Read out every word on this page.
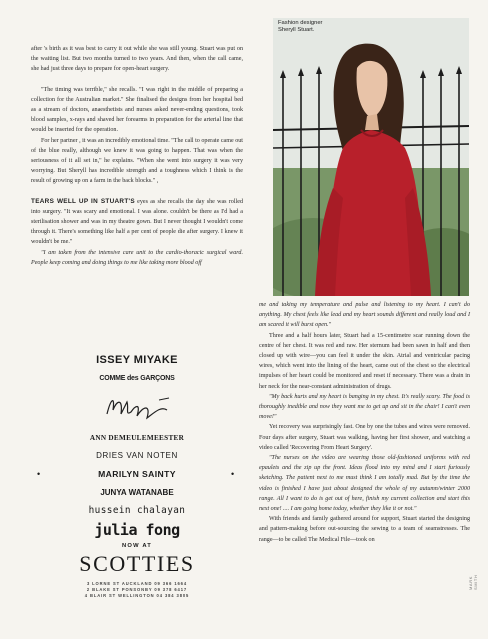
after 's birth as it was best to carry it out while she was still young. Stuart was put on the waiting list. But two months turned to two years. And then, when the call came, she had just three days to prepare for open-heart surgery.

"The timing was terrible," she recalls. "I was right in the middle of preparing a collection for the Australian market." She finalised the designs from her hospital bed as a stream of doctors, anaesthetists and nurses asked never-ending questions, took blood samples, x-rays and shaved her forearms in preparation for the arterial line that would be inserted for the operation.

For her partner , it was an incredibly emotional time. "The call to operate came out of the blue really, although we knew it was going to happen. That was when the seriousness of it all set in," he explains. "When she went into surgery it was very worrying. But Sheryll has incredible strength and a toughness which I think is the result of growing up on a farm in the back blocks." ,

TEARS WELL UP IN STUART'S eyes as she recalls the day she was rolled into surgery. "It was scary and emotional. I was alone. couldn't be there as I'd had a sterilisation shower and was in my theatre gown. But I never thought I wouldn't come through it. There's something like half a per cent of people die after surgery. I knew it wouldn't be me."

"I am taken from the intensive care unit to the cardio-thoracic surgical ward. People keep coming and doing things to me like taking more blood off

Fashion designer
Sheryll Stuart.

me and taking my temperature and pulse and listening to my heart. I can't do anything. My chest feels like lead and my heart sounds different and really loud and I am scared it will burst open."

Three and a half hours later, Stuart had a 15-centimetre scar running down the centre of her chest. It was red and raw. Her sternum had been sawn in half and then closed up with wire—you can feel it under the skin. Atrial and ventricular pacing wires, which went into the lining of the heart, came out of the chest so the electrical impulses of her heart could be monitored and reset if necessary. There was a drain in her neck for the near-constant administration of drugs.

"My back hurts and my heart is banging in my chest. It's really scary. The food is thoroughly inedible and now they want me to get up and sit in the chair! I can't even move!"

Yet recovery was surprisingly fast. One by one the tubes and wires were removed. Four days after surgery, Stuart was walking, having her first shower, and watching a video called 'Recovering From Heart Surgery'.

"The nurses on the video are wearing those old-fashioned uniforms with red epaulets and the zip up the front. Ideas flood into my mind and I start furiously sketching. The patient next to me must think I am totally mad. But by the time the video is finished I have just about designed the whole of my autumn/winter 2000 range. All I want to do is get out of here, finish my current collection and start this next one! .... I am going home today, whether they like it or not."

With friends and family gathered around for support, Stuart started the designing and pattern-making before out-sourcing the sewing to a team of seamstresses. The range—to be called The Medical File—took on

ISSEY MIYAKE
COMME des GARÇONS
ANN DEMEULEMEESTER
DRIES VAN NOTEN
•	MARILYN SAINTY	•
JUNYA WATANABE
hussein chalayan
julia fong
NOW AT
SCOTTIES
3 LORNE ST AUCKLAND 09 366 1664
2 BLAKE ST PONSONBY 09 378 6417
4 BLAIR ST WELLINGTON 04 384 3805
MARK SMITH
